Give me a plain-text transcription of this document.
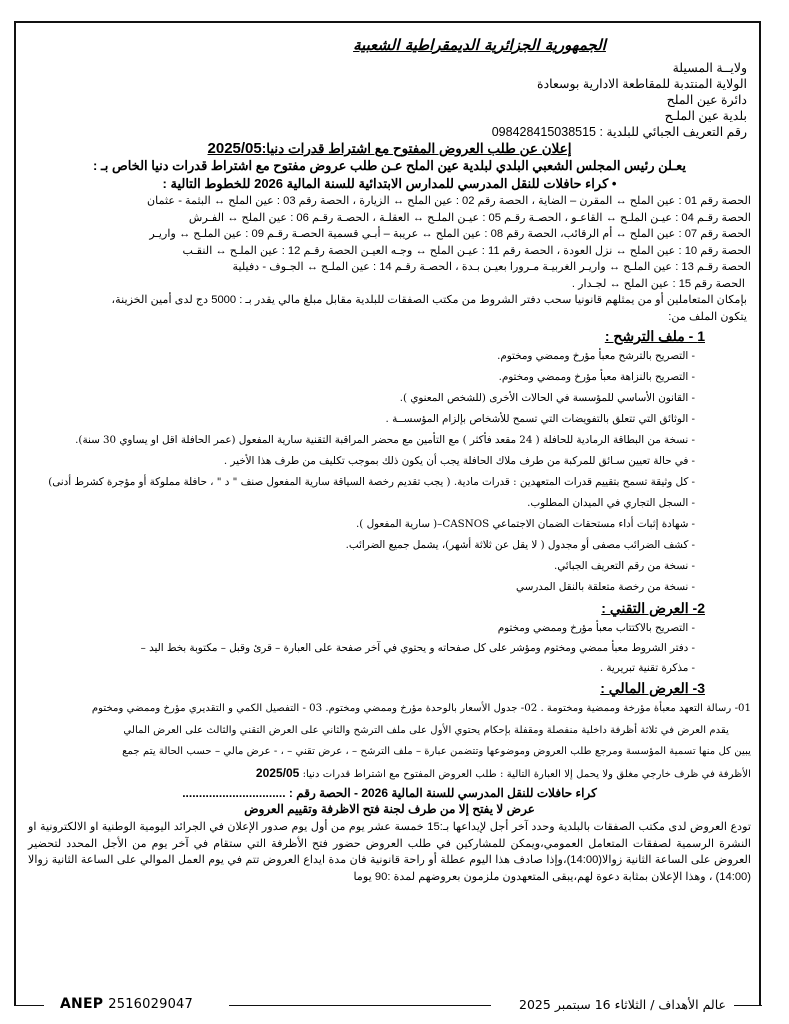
الجمهورية الجزائرية الديمقراطية الشعبية
ولايــة المسيلة
الولاية المنتدبة للمقاطعة الادارية بوسعادة
دائرة عين الملح
بلدية عين الملـح
رقم التعريف الجبائي للبلدية : 098428415038515
إعلان عن طلب العروض المفتوح مع اشتراط قدرات دنيا:2025/05
يعـلن رئيس المجلس الشعبي البلدي لبلدية عين الملح عـن طلب عروض مفتوح مع اشتراط قدرات دنيا الخاص بـ :
• كراء حافلات للنقل المدرسي للمدارس الابتدائية للسنة المالية 2026 للخطوط التالية :
الحصة رقم 01 : عين الملح ↔ المقرن – الضاية ، الحصة رقم 02 : عين الملح ↔ الزيارة ، الحصة رقم 03 : عين الملح ↔ البثمة - عثمان
الحصة رقـم 04 : عيـن الملـح ↔ القاعـو ، الحصـة رقـم 05 : عيـن الملـح ↔ العقلـة ، الحصـة رقـم 06 : عين الملح ↔ الفـرش
الحصة رقم 07 : عين الملح ↔ أم الرقائب، الحصة رقم 08 : عين الملح ↔ عريبة – أبـي قسمية الحصـة رقـم 09 : عين الملـح ↔ واريـر
الحصة رقم 10 : عين الملح ↔ نزل العودة ، الحصة رقم 11 : عيـن الملح ↔ وجـه العيـن الحصة رقـم 12 : عين الملـح ↔ النقـب
الحصة رقـم 13 : عين الملـح ↔ واريـر الغربيـة مـرورا بعيـن بـدة ، الحصـة رقـم 14 : عين الملـح ↔ الجـوف - دفيلية
الحصة رقم 15 : عين الملح ↔ لجـدار .
بإمكان المتعاملين أو من يمثلهم قانونيا سحب دفتر الشروط من مكتب الصفقات للبلدية مقابل مبلغ مالي يقدر بـ : 5000 دج لدى أمين الخزينة،
يتكون الملف من:
1 - ملف الترشح :
- التصريح بالترشح معبأ مؤرخ وممضي ومختوم.
- التصريح بالنزاهة معبأ مؤرخ وممضي ومختوم.
- القانون الأساسي للمؤسسة في الحالات الأخرى (للشخص المعنوي ).
- الوثائق التي تتعلق بالتفويضات التي تسمح للأشخاص بإلزام المؤسســة .
- نسخة من البطاقة الرمادية للحافلة ( 24 مقعد فأكثر ) مع التأمين مع محضر المراقبة التقنية سارية المفعول (عمر الحافلة اقل او يساوي 30 سنة).
- في حالة تعيين سـائق للمركبة من طرف ملاك الحافلة يجب أن يكون ذلك بموجب تكليف من طرف هذا الأخير .
- كل وثيقة تسمح بتقييم قدرات المتعهدين : قدرات مادية. ( يجب تقديم رخصة السياقة سارية المفعول صنف " د " ، حافلة مملوكة أو مؤجرة كشرط أدنى)
- السجل التجاري في الميدان المطلوب.
- شهادة إثبات أداء مستحقات الضمان الاجتماعي CASNOS–( سارية المفعول ).
- كشف الضرائب مصفى أو مجدول ( لا يقل عن ثلاثة أشهر)، يشمل جميع الضرائب.
- نسخة من رقم التعريف الجبائي.
- نسخة من رخصة متعلقة بالنقل المدرسي
2- العرض التقني :
- التصريح بالاكتتاب معبأ مؤرخ وممضي ومختوم
- دفتر الشروط معبأ ممضي ومختوم ومؤشر على كل صفحاته و يحتوي في آخر صفحة على العبارة – قرئ وقبل – مكتوبة بخط اليد –
- مذكرة تقنية تبريرية .
3- العرض المالي :
01- رسالة التعهد معبأة مؤرخة وممضية ومختومة . 02- جدول الأسعار بالوحدة مؤرخ وممضي ومختوم. 03 - التفصيل الكمي و التقديري مؤرخ وممضي ومختوم
يقدم العرض في ثلاثة أظرفة داخلية منفصلة ومقفلة بإحكام يحتوي الأول على ملف الترشح والثاني على العرض التقني والثالث على العرض المالي
يبين كل منها تسمية المؤسسة ومرجع طلب العروض وموضوعها وتتضمن عبارة – ملف الترشح – ، عرض تقني – ، - عرض مالي – حسب الحالة يتم جمع
الأظرفة في ظرف خارجي مغلق ولا يحمل إلا العبارة التالية : طلب العروض المفتوح مع اشتراط قدرات دنيا: 2025/05
كراء حافلات للنقل المدرسي للسنة المالية 2026 - الحصة رقم : ...............................
عرض لا يفتح إلا من طرف لجنة فتح الاظرفة وتقييم العروض
تودع العروض لدى مكتب الصفقات بالبلدية وحدد آخر أجل لإيداعها بـ:15 خمسة عشر يوم من أول يوم صدور الإعلان في الجرائد اليومية الوطنية او الالكترونية او النشرة الرسمية لصفقات المتعامل العمومي،ويمكن للمشاركين في طلب العروض حضور فتح الأظرفة التي ستقام في آخر يوم من الأجل المحدد لتحضير العروض على الساعة الثانية زوالا(14:00)،وإذا صادف هذا اليوم عطلة أو راحة قانونية فان مدة ايداع العروض تتم في يوم العمل الموالي على الساعة الثانية زوالا (14:00) ، وهذا الإعلان بمثابة دعوة لهم،يبقى المتعهدون ملزمون بعروضهم لمدة :90 يوما
ANEP 2516029047	عالم الأهداف / الثلاثاء 16 سبتمبر 2025
